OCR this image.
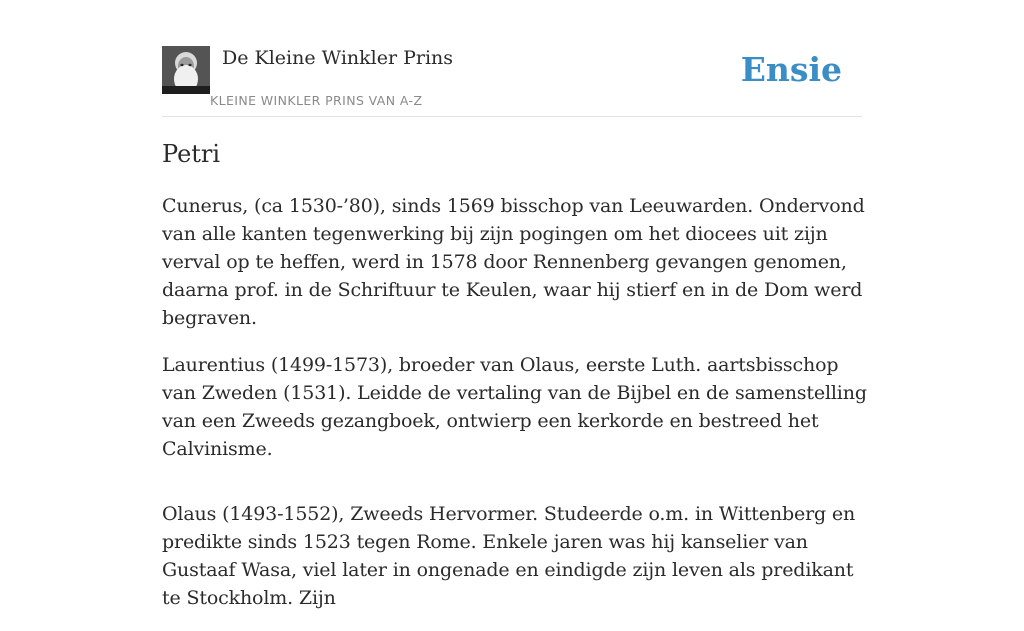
De Kleine Winkler Prins
KLEINE WINKLER PRINS VAN A-Z
Ensie
Petri

Cunerus, (ca 1530-’80), sinds 1569 bisschop van Leeuwarden. Ondervond van alle kanten tegenwerking bij zijn pogingen om het diocees uit zijn verval op te heffen, werd in 1578 door Rennenberg gevangen genomen, daarna prof. in de Schriftuur te Keulen, waar hij stierf en in de Dom werd begraven.

Laurentius (1499-1573), broeder van Olaus, eerste Luth. aartsbisschop van Zweden (1531). Leidde de vertaling van de Bijbel en de samenstelling van een Zweeds gezangboek, ontwierp een kerkorde en bestreed het Calvinisme.

Olaus (1493-1552), Zweeds Hervormer. Studeerde o.m. in Wittenberg en predikte sinds 1523 tegen Rome. Enkele jaren was hij kanselier van Gustaaf Wasa, viel later in ongenade en eindigde zijn leven als predikant te Stockholm. Zijn
